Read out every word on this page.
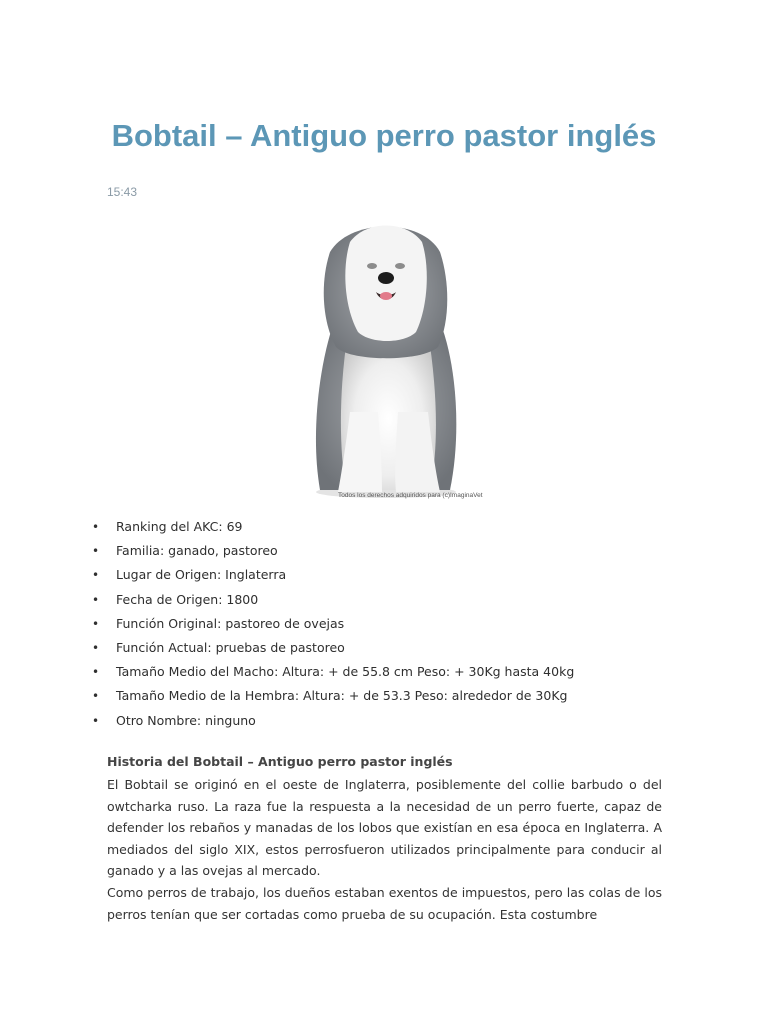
Bobtail – Antiguo perro pastor inglés
15:43
Todos los derechos adquiridos para (c)ImaginaVet
• Ranking del AKC: 69
• Familia: ganado, pastoreo
• Lugar de Origen: Inglaterra
• Fecha de Origen: 1800
• Función Original: pastoreo de ovejas
• Función Actual: pruebas de pastoreo
• Tamaño Medio del Macho: Altura: + de 55.8 cm Peso: + 30Kg hasta 40kg
• Tamaño Medio de la Hembra: Altura: + de 53.3 Peso: alrededor de 30Kg
• Otro Nombre: ninguno
Historia del Bobtail – Antiguo perro pastor inglés

El Bobtail se originó en el oeste de Inglaterra, posiblemente del collie barbudo o del owtcharka ruso. La raza fue la respuesta a la necesidad de un perro fuerte, capaz de defender los rebaños y manadas de los lobos que existían en esa época en Inglaterra. A mediados del siglo XIX, estos perrosfueron utilizados principalmente para conducir al ganado y a las ovejas al mercado.

Como perros de trabajo, los dueños estaban exentos de impuestos, pero las colas de los perros tenían que ser cortadas como prueba de su ocupación. Esta costumbre
